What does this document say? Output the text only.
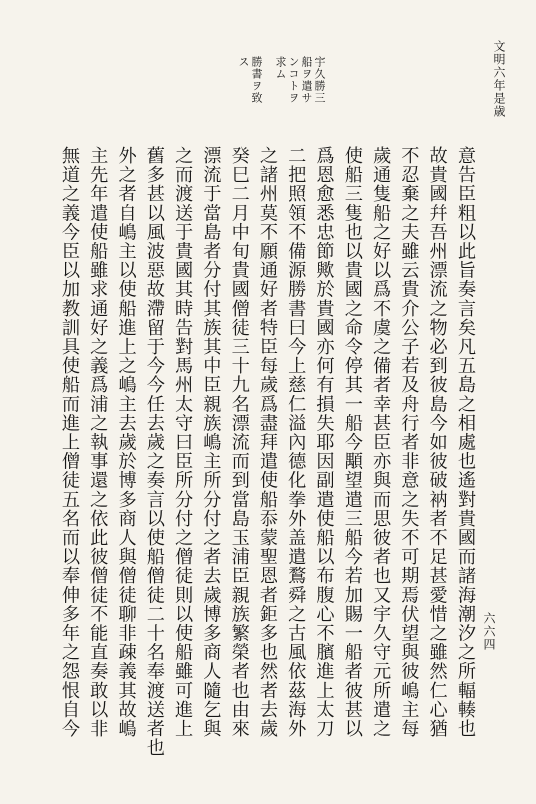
文明六年是歳
六六四
宇久勝三
船ヲ遣サ
ンコトヲ
求ム
勝書ヲ致
ス
意告臣粗以此旨奏言矣凡五島之相處也遙對貴國而諸海潮汐之所輻輳也
故貴國幷吾州漂流之物必到彼島今如彼破衲者不足甚愛惜之雖然仁心猶
不忍棄之夫雖云貴介公子若及舟行者非意之失不可期焉伏望與彼嶋主每
歲通隻船之好以爲不虞之備者幸甚臣亦與而思彼者也又宇久守元所遣之
使船三隻也以貴國之命令停其一船今顒望遣三船今若加賜一船者彼甚以
爲恩愈悉忠節歟於貴國亦何有損失耶因副遣使船以布腹心不臏進上太刀
二把照領不備源勝書曰今上慈仁溢內德化拳外盖遣鶩舜之古風依茲海外
之諸州莫不願通好者特臣每歲爲盡拜遣使船忝蒙聖恩者鉅多也然者去歲
癸巳二月中旬貴國僧徒三十九名漂流而到當島玉浦臣親族繁榮者也由來
漂流于當島者分付其族其中臣親族嶋主所分付之者去歲博多商人隨乞與
之而渡送于貴國其時告對馬州太守曰臣所分付之僧徒則以使船雖可進上
舊多甚以風波惡故滯留于今今任去歲之奏言以使船僧徒二十名奉渡送者也
外之者自嶋主以使船進上之嶋主去歲於博多商人與僧徒聊非疎義其故嶋
主先年遣使船雖求通好之義爲浦之執事還之依此彼僧徒不能直奏敢以非
無道之義今臣以加教訓具使船而進上僧徒五名而以奉伸多年之怨恨自今
